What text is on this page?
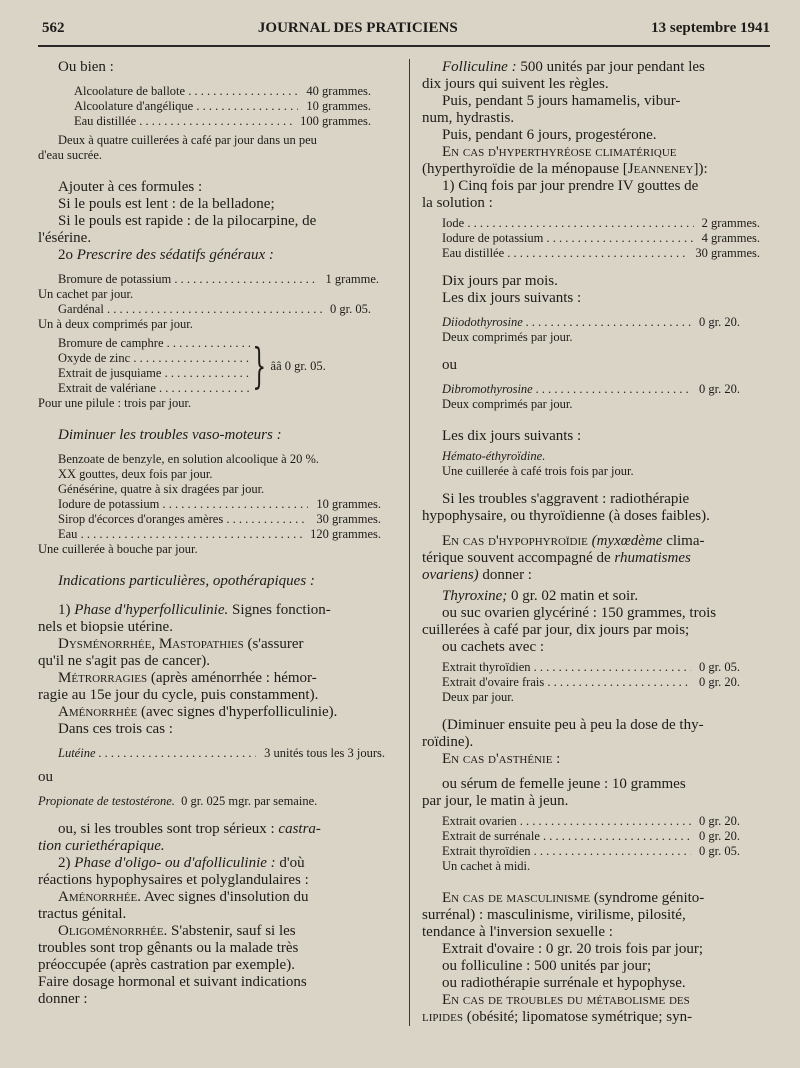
562	JOURNAL DES PRATICIENS	13 septembre 1941

Ou bien :

Alcoolature de ballote . . .	40 grammes.
Alcoolature d'angélique . . .	10 grammes.
Eau distillée . . .	100 grammes.

Deux à quatre cuillerées à café par jour dans un peu

d'eau sucrée.

Ajouter à ces formules :

Si le pouls est lent : de la belladone;

Si le pouls est rapide : de la pilocarpine, de

l'ésérine.

2o Prescrire des sédatifs généraux :

Bromure de potassium . . .	1 gramme.

Un cachet par jour.

Gardénal . . .	0 gr. 05.

Un à deux comprimés par jour.

Bromure de camphre . . .
Oxyde de zinc . . .
Extrait de jusquiame . . .
Extrait de valériane . . .	} ââ 0 gr. 05.

Pour une pilule : trois par jour.

Diminuer les troubles vaso-moteurs :

Benzoate de benzyle, en solution alcoolique à 20 %.

XX gouttes, deux fois par jour.

Génésérine, quatre à six dragées par jour.

Iodure de potassium . . .	10 grammes.
Sirop d'écorces d'oranges amères . . .	30 grammes.
Eau . . .	120 grammes.

Une cuillerée à bouche par jour.

Indications particulières, opothérapiques :

1) Phase d'hyperfolliculinie. Signes fonction-

nels et biopsie utérine.

Dysménorrhée, Mastopathies (s'assurer

qu'il ne s'agit pas de cancer).

Métrorragies (après aménorrhée : hémor-

ragie au 15e jour du cycle, puis constamment).

Aménorrhée (avec signes d'hyperfolliculinie).

Dans ces trois cas :

Lutéine . . .	3 unités tous les 3 jours.

ou

Propionate de testostérone. 0 gr. 025 mgr. par semaine.

ou, si les troubles sont trop sérieux : castra-

tion curiethérapique.

2) Phase d'oligo- ou d'afolliculinie : d'où

réactions hypophysaires et polyglandulaires :

Aménorrhée. Avec signes d'insolution du

tractus génital.

Oligoménorrhée. S'abstenir, sauf si les

troubles sont trop gênants ou la malade très

préoccupée (après castration par exemple).

Faire dosage hormonal et suivant indications

donner :

Folliculine : 500 unités par jour pendant les

dix jours qui suivent les règles.

Puis, pendant 5 jours hamamelis, vibur-

num, hydrastis.

Puis, pendant 6 jours, progestérone.

En cas d'hyperthyréose climatérique

(hyperthyroïdie de la ménopause [Jeanneney]):

1) Cinq fois par jour prendre IV gouttes de

la solution :

Iode . . .	2 grammes.
Iodure de potassium . . .	4 grammes.
Eau distillée . . .	30 grammes.

Dix jours par mois.

Les dix jours suivants :

Diiodothyrosine . . .	0 gr. 20.

Deux comprimés par jour.

ou

Dibromothyrosine . . .	0 gr. 20.

Deux comprimés par jour.

Les dix jours suivants :

Hémato-éthyroïdine.

Une cuillerée à café trois fois par jour.

Si les troubles s'aggravent : radiothérapie

hypophysaire, ou thyroïdienne (à doses faibles).

En cas d'hypophyroïdie (myxœdème clima-

térique souvent accompagné de rhumatismes

ovariens) donner :

Thyroxine; 0 gr. 02 matin et soir.

ou suc ovarien glycériné : 150 grammes, trois

cuillerées à café par jour, dix jours par mois;

ou cachets avec :

Extrait thyroïdien . . .	0 gr. 05.
Extrait d'ovaire frais . . .	0 gr. 20.

Deux par jour.

(Diminuer ensuite peu à peu la dose de thy-

roïdine).

En cas d'asthénie :

ou sérum de femelle jeune : 10 grammes

par jour, le matin à jeun.

Extrait ovarien . . .	0 gr. 20.
Extrait de surrénale . . .	0 gr. 20.
Extrait thyroïdien . . .	0 gr. 05.

Un cachet à midi.

En cas de masculinisme (syndrome génito-

surrénal) : masculinisme, virilisme, pilosité,

tendance à l'inversion sexuelle :

Extrait d'ovaire : 0 gr. 20 trois fois par jour;

ou folliculine : 500 unités par jour;

ou radiothérapie surrénale et hypophyse.

En cas de troubles du métabolisme des

lipides (obésité; lipomatose symétrique; syn-
